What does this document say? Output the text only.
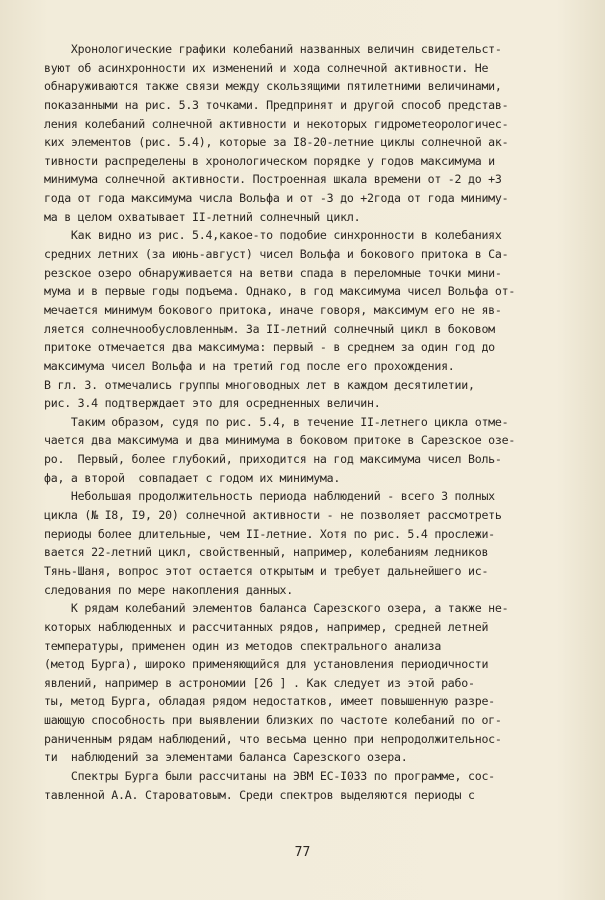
Хронологические графики колебаний названных величин свидетельст-
вуют об асинхронности их изменений и хода солнечной активности. Не
обнаруживаются также связи между скользящими пятилетними величинами,
показанными на рис. 5.3 точками. Предпринят и другой способ представ-
ления колебаний солнечной активности и некоторых гидрометеорологичес-
ких элементов (рис. 5.4), которые за I8-20-летние циклы солнечной ак-
тивности распределены в хронологическом порядке у годов максимума и
минимума солнечной активности. Построенная шкала времени от -2 до +3
года от года максимума числа Вольфа и от -3 до +2года от года миниму-
ма в целом охватывает II-летний солнечный цикл.
Как видно из рис. 5.4,какое-то подобие синхронности в колебаниях
средних летних (за июнь-август) чисел Вольфа и бокового притока в Са-
резское озеро обнаруживается на ветви спада в переломные точки мини-
мума и в первые годы подъема. Однако, в год максимума чисел Вольфа от-
мечается минимум бокового притока, иначе говоря, максимум его не яв-
ляется солнечнообусловленным. За II-летний солнечный цикл в боковом
притоке отмечается два максимума: первый - в среднем за один год до
максимума чисел Вольфа и на третий год после его прохождения.
В гл. 3. отмечались группы многоводных лет в каждом десятилетии,
рис. 3.4 подтверждает это для осредненных величин.
Таким образом, судя по рис. 5.4, в течение II-летнего цикла отме-
чается два максимума и два минимума в боковом притоке в Сарезское озе-
ро.  Первый, более глубокий, приходится на год максимума чисел Воль-
фа, а второй  совпадает с годом их минимума.
Небольшая продолжительность периода наблюдений - всего 3 полных
цикла (№ I8, I9, 20) солнечной активности - не позволяет рассмотреть
периоды более длительные, чем II-летние. Хотя по рис. 5.4 прослежи-
вается 22-летний цикл, свойственный, например, колебаниям ледников
Тянь-Шаня, вопрос этот остается открытым и требует дальнейшего ис-
следования по мере накопления данных.
К рядам колебаний элементов баланса Сарезского озера, а также не-
которых наблюденных и рассчитанных рядов, например, средней летней
температуры, применен один из методов спектрального анализа
(метод Бурга), широко применяющийся для установления периодичности
явлений, например в астрономии [26 ] . Как следует из этой рабо-
ты, метод Бурга, обладая рядом недостатков, имеет повышенную разре-
шающую способность при выявлении близких по частоте колебаний по ог-
раниченным рядам наблюдений, что весьма ценно при непродолжительнос-
ти  наблюдений за элементами баланса Сарезского озера.
Спектры Бурга были рассчитаны на ЭВМ ЕС-I033 по программе, сос-
тавленной А.А. Староватовым. Среди спектров выделяются периоды с
77
